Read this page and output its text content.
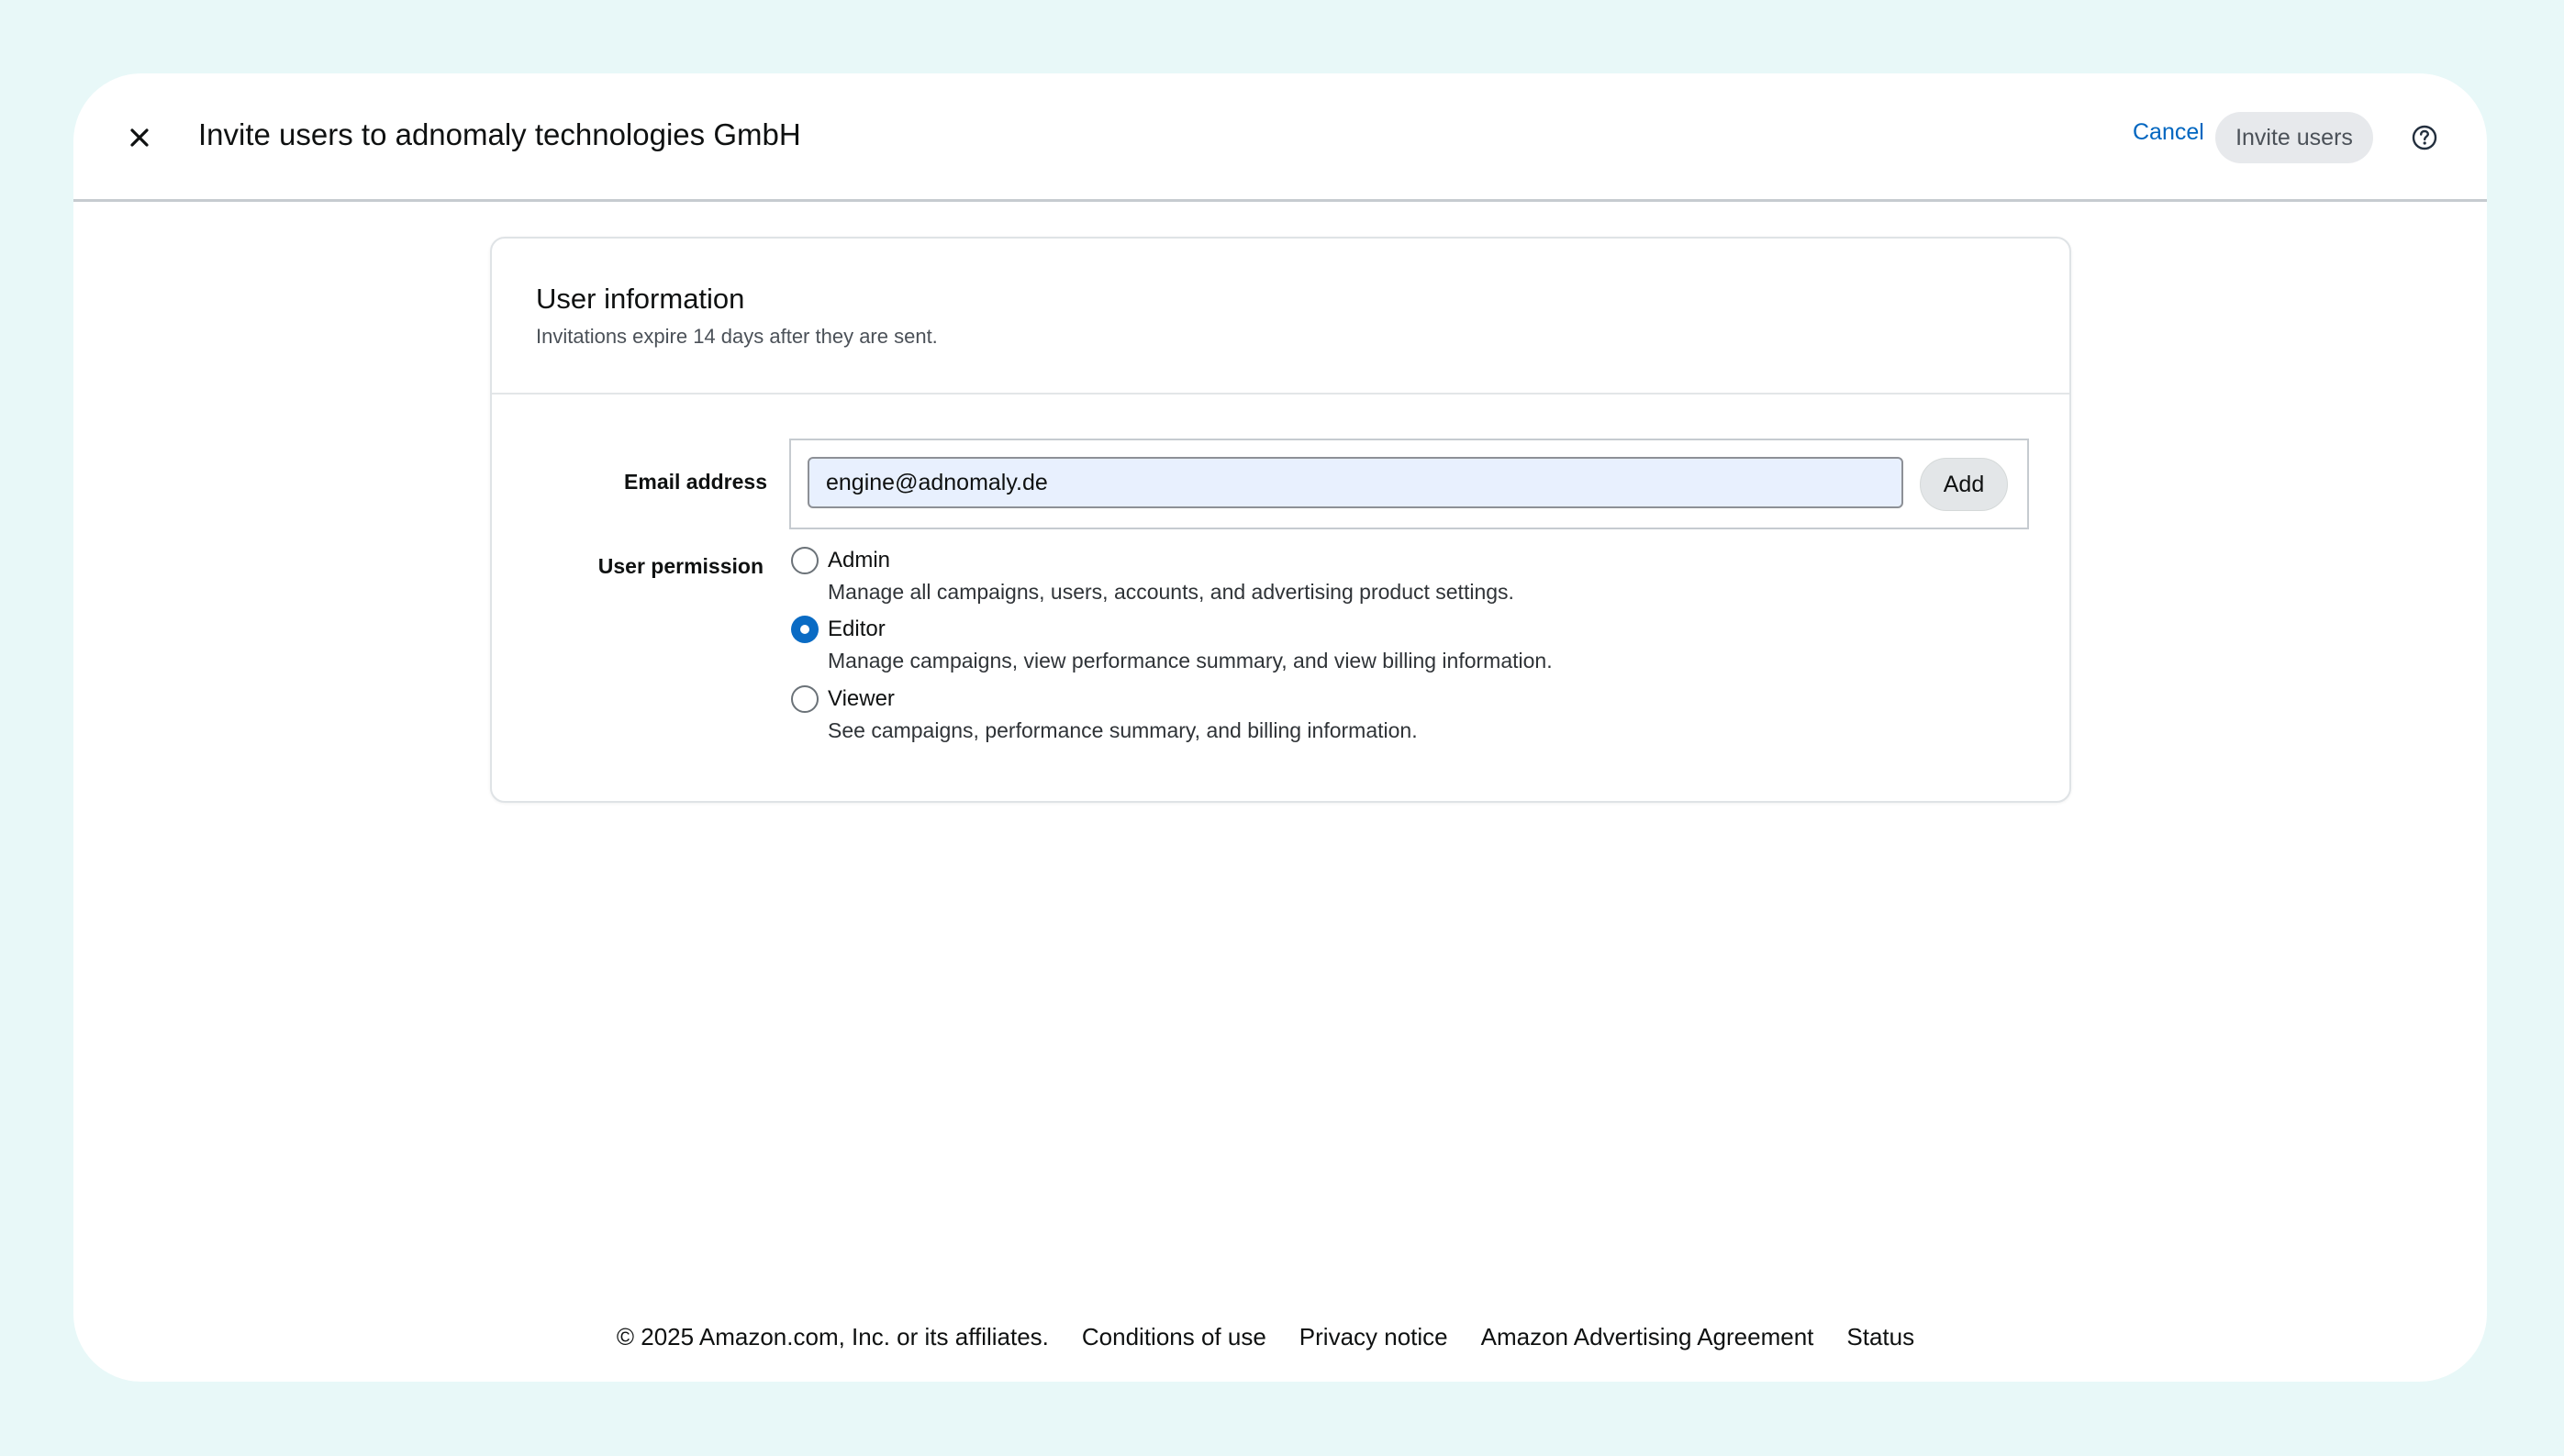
Invite users to adnomaly technologies GmbH	Cancel	Invite users
User information
Invitations expire 14 days after they are sent.
Email address
engine@adnomaly.de	Add
User permission	Admin
Manage all campaigns, users, accounts, and advertising product settings.
Editor
Manage campaigns, view performance summary, and view billing information.
Viewer
See campaigns, performance summary, and billing information.
© 2025 Amazon.com, Inc. or its affiliates. Conditions of use Privacy notice Amazon Advertising Agreement Status
